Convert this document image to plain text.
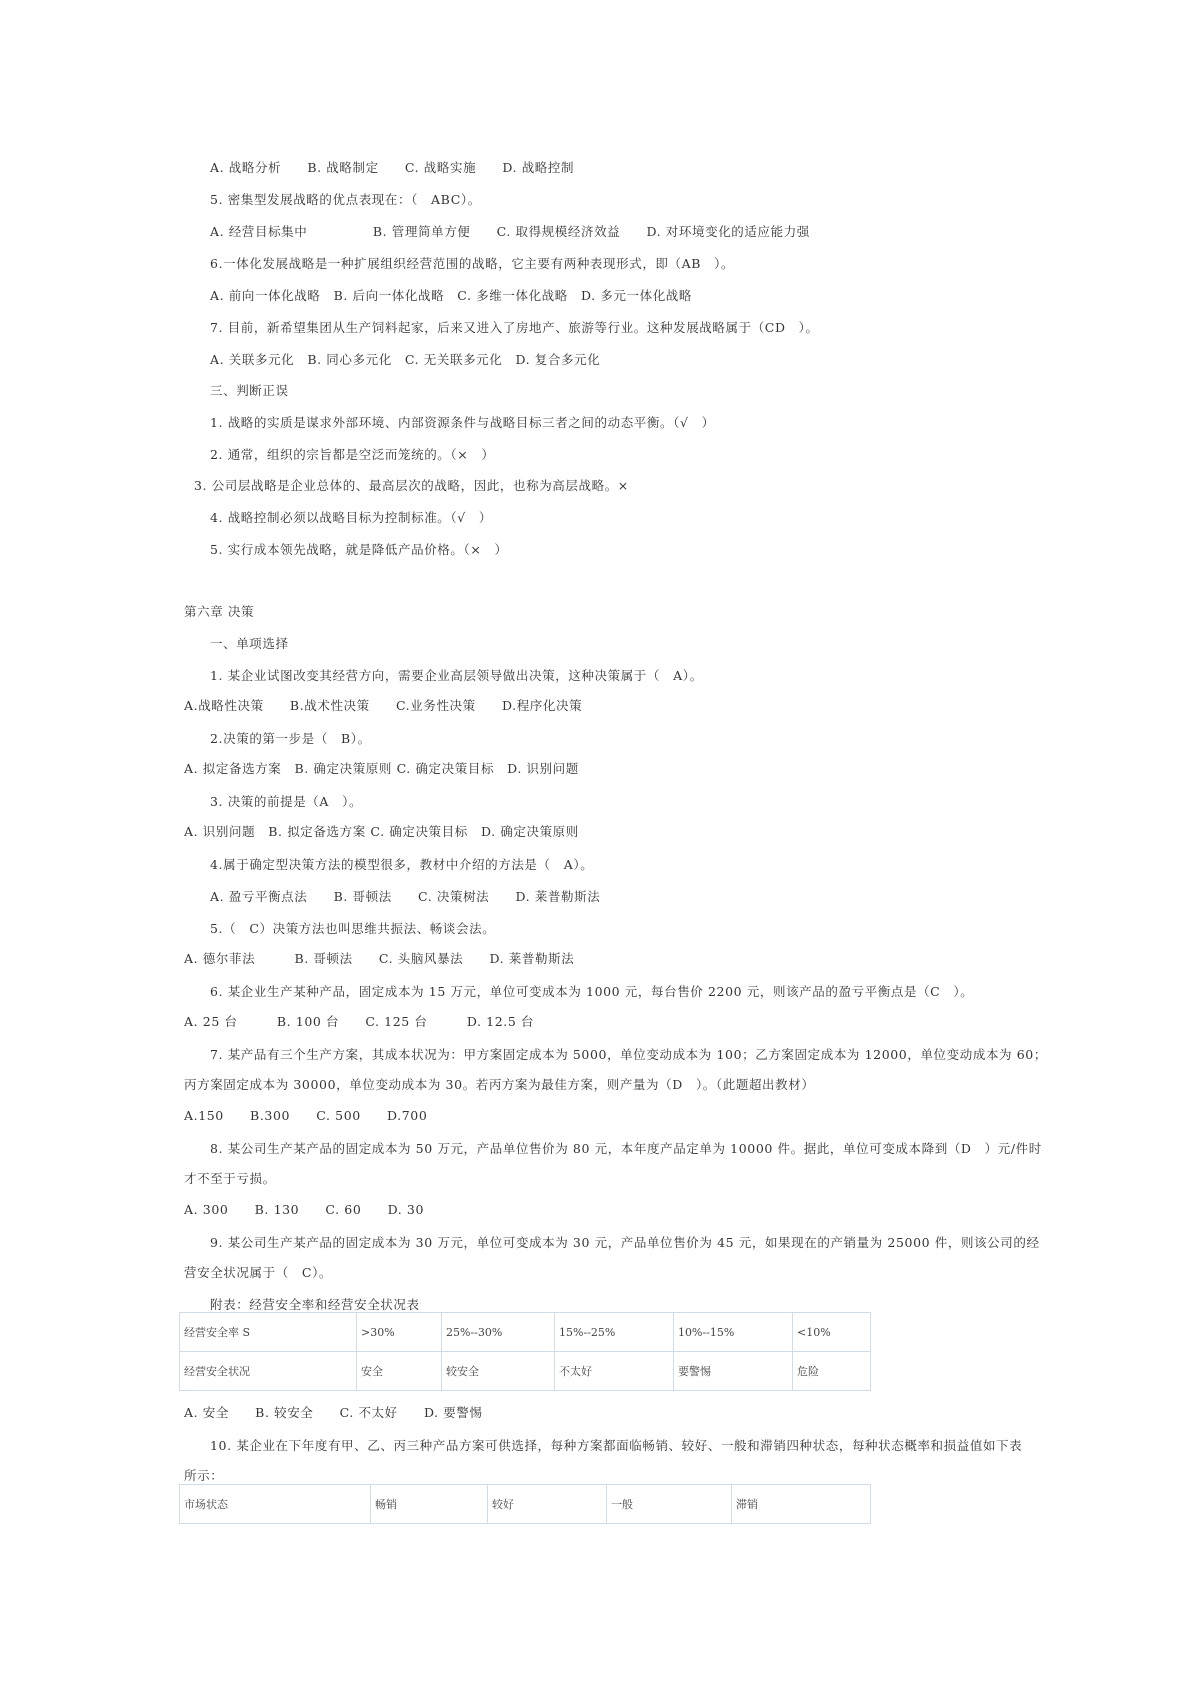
A. 战略分析　　B. 战略制定　　C. 战略实施　　D. 战略控制
5. 密集型发展战略的优点表现在：（　ABC）。
A. 经营目标集中　　　　　B. 管理简单方便　　C. 取得规模经济效益　　D. 对环境变化的适应能力强
6.一体化发展战略是一种扩展组织经营范围的战略，它主要有两种表现形式，即（AB　）。
A. 前向一体化战略　B. 后向一体化战略　C. 多维一体化战略　D. 多元一体化战略
7. 目前，新希望集团从生产饲料起家，后来又进入了房地产、旅游等行业。这种发展战略属于（CD　）。
A. 关联多元化　B. 同心多元化　C. 无关联多元化　D. 复合多元化
三、判断正误
1. 战略的实质是谋求外部环境、内部资源条件与战略目标三者之间的动态平衡。（√　）
2. 通常，组织的宗旨都是空泛而笼统的。（×　）
3. 公司层战略是企业总体的、最高层次的战略，因此，也称为高层战略。×
4. 战略控制必须以战略目标为控制标准。（√　）
5. 实行成本领先战略，就是降低产品价格。（×　）
第六章 决策
一、单项选择
1. 某企业试图改变其经营方向，需要企业高层领导做出决策，这种决策属于（　A）。
A.战略性决策　　B.战术性决策　　C.业务性决策　　D.程序化决策
2.决策的第一步是（　B）。
A. 拟定备选方案　B. 确定决策原则 C. 确定决策目标　D. 识别问题
3. 决策的前提是（A　）。
A. 识别问题　B. 拟定备选方案 C. 确定决策目标　D. 确定决策原则
4.属于确定型决策方法的模型很多，教材中介绍的方法是（　A）。
A. 盈亏平衡点法　　B. 哥顿法　　C. 决策树法　　D. 莱普勒斯法
5.（　C）决策方法也叫思维共振法、畅谈会法。
A. 德尔菲法　　　B. 哥顿法　　C. 头脑风暴法　　D. 莱普勒斯法
6. 某企业生产某种产品，固定成本为 15 万元，单位可变成本为 1000 元，每台售价 2200 元，则该产品的盈亏平衡点是（C　）。
A. 25 台　　　B. 100 台　　C. 125 台　　　D. 12.5 台
7. 某产品有三个生产方案，其成本状况为：甲方案固定成本为 5000，单位变动成本为 100；乙方案固定成本为 12000，单位变动成本为 60；
丙方案固定成本为 30000，单位变动成本为 30。若丙方案为最佳方案，则产量为（D　）。（此题超出教材）
A.150　　B.300　　C. 500　　D.700
8. 某公司生产某产品的固定成本为 50 万元，产品单位售价为 80 元，本年度产品定单为 10000 件。据此，单位可变成本降到（D　）元/件时
才不至于亏损。
A. 300　　B. 130　　C. 60　　D. 30
9. 某公司生产某产品的固定成本为 30 万元，单位可变成本为 30 元，产品单位售价为 45 元，如果现在的产销量为 25000 件，则该公司的经
营安全状况属于（　C）。
附表：经营安全率和经营安全状况表
经营安全率 S	>30%	25%--30%	15%--25%	10%--15%	<10%
经营安全状况	安全	较安全	不太好	要警惕	危险
A. 安全　　B. 较安全　　C. 不太好　　D. 要警惕
10. 某企业在下年度有甲、乙、丙三种产品方案可供选择，每种方案都面临畅销、较好、一般和滞销四种状态，每种状态概率和损益值如下表
所示：
市场状态	畅销	较好	一般	滞销
